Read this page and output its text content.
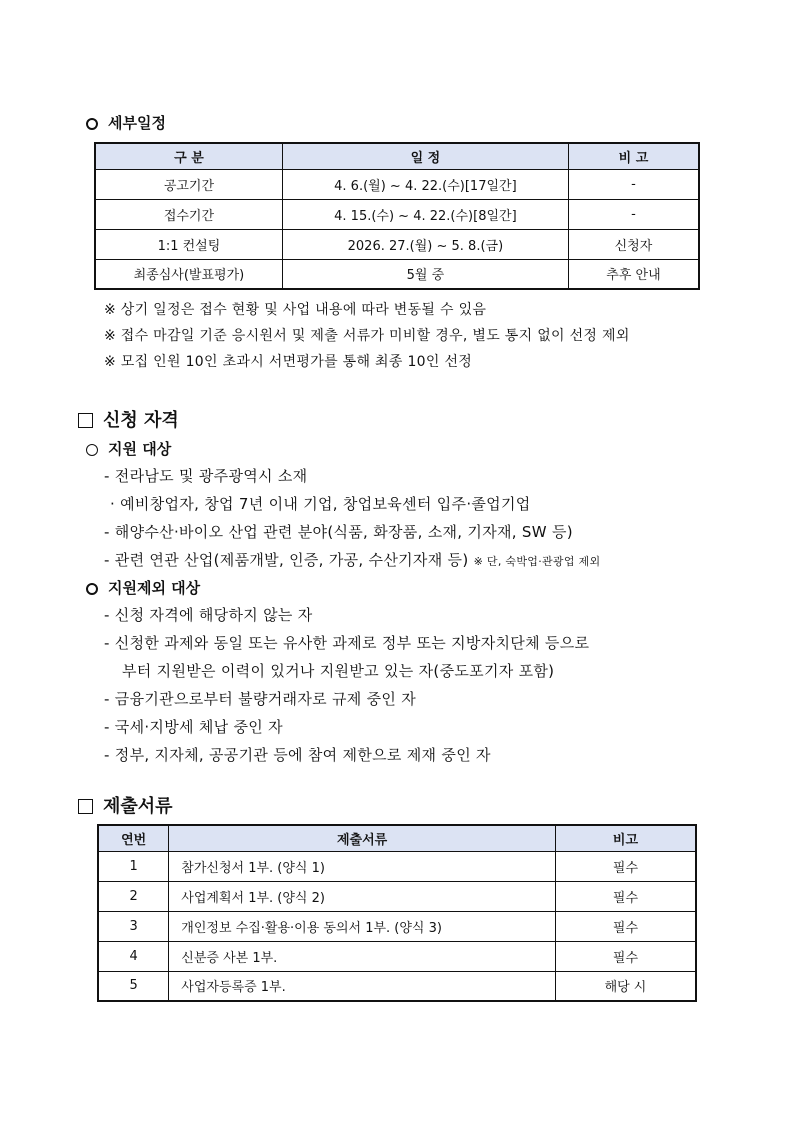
세부일정
구 분	일 정	비 고
공고기간	4. 6.(월) ~ 4. 22.(수)[17일간]	-
접수기간	4. 15.(수) ~ 4. 22.(수)[8일간]	-
1:1 컨설팅	2026. 27.(월) ~ 5. 8.(금)	신청자
최종심사(발표평가)	5월 중	추후 안내
※ 상기 일정은 접수 현황 및 사업 내용에 따라 변동될 수 있음
※ 접수 마감일 기준 응시원서 및 제출 서류가 미비할 경우, 별도 통지 없이 선정 제외
※ 모집 인원 10인 초과시 서면평가를 통해 최종 10인 선정
신청 자격
지원 대상
- 전라남도 및 광주광역시 소재
· 예비창업자, 창업 7년 이내 기업, 창업보육센터 입주·졸업기업
- 해양수산·바이오 산업 관련 분야(식품, 화장품, 소재, 기자재, SW 등)
- 관련 연관 산업(제품개발, 인증, 가공, 수산기자재 등) ※ 단, 숙박업·관광업 제외
지원제외 대상
- 신청 자격에 해당하지 않는 자
- 신청한 과제와 동일 또는 유사한 과제로 정부 또는 지방자치단체 등으로
부터 지원받은 이력이 있거나 지원받고 있는 자(중도포기자 포함)
- 금융기관으로부터 불량거래자로 규제 중인 자
- 국세·지방세 체납 중인 자
- 정부, 지자체, 공공기관 등에 참여 제한으로 제재 중인 자
제출서류
연번	제출서류	비고
1	참가신청서 1부. (양식 1)	필수
2	사업계획서 1부. (양식 2)	필수
3	개인정보 수집·활용·이용 동의서 1부. (양식 3)	필수
4	신분증 사본 1부.	필수
5	사업자등록증 1부.	해당 시
